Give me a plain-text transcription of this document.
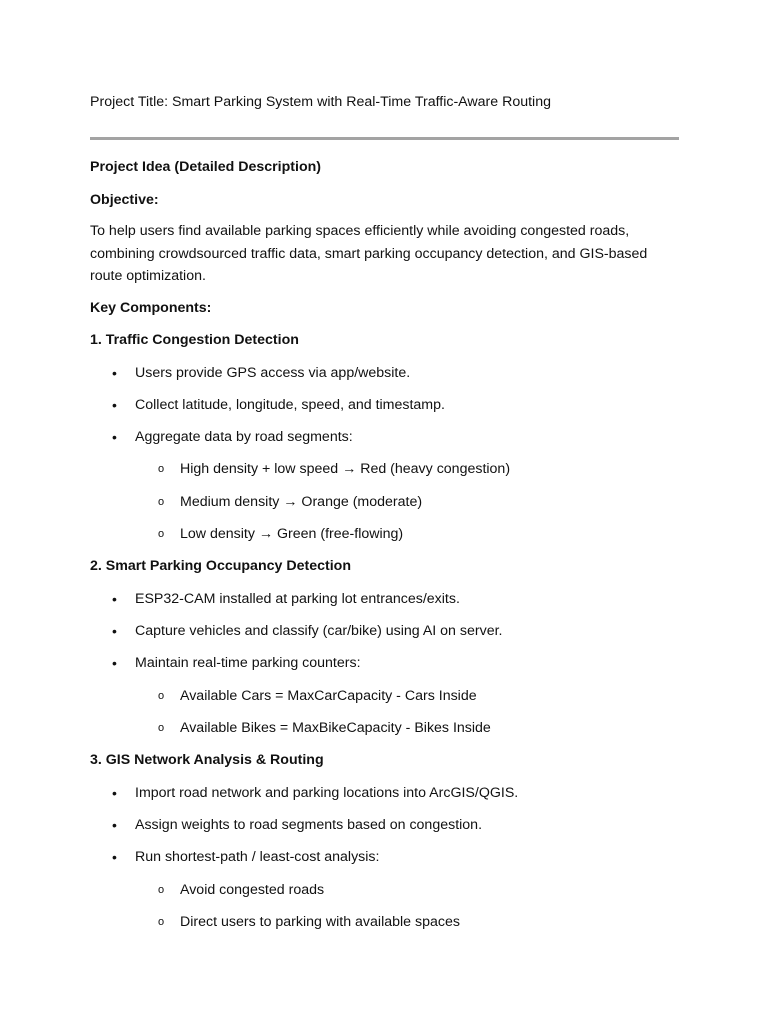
Project Title: Smart Parking System with Real-Time Traffic-Aware Routing

Project Idea (Detailed Description)

Objective:

To help users find available parking spaces efficiently while avoiding congested roads, combining crowdsourced traffic data, smart parking occupancy detection, and GIS-based route optimization.

Key Components:

1. Traffic Congestion Detection

• Users provide GPS access via app/website.
• Collect latitude, longitude, speed, and timestamp.
• Aggregate data by road segments:
o High density + low speed → Red (heavy congestion)
o Medium density → Orange (moderate)
o Low density → Green (free-flowing)

2. Smart Parking Occupancy Detection

• ESP32-CAM installed at parking lot entrances/exits.
• Capture vehicles and classify (car/bike) using AI on server.
• Maintain real-time parking counters:
o Available Cars = MaxCarCapacity - Cars Inside
o Available Bikes = MaxBikeCapacity - Bikes Inside

3. GIS Network Analysis & Routing

• Import road network and parking locations into ArcGIS/QGIS.
• Assign weights to road segments based on congestion.
• Run shortest-path / least-cost analysis:
o Avoid congested roads
o Direct users to parking with available spaces
